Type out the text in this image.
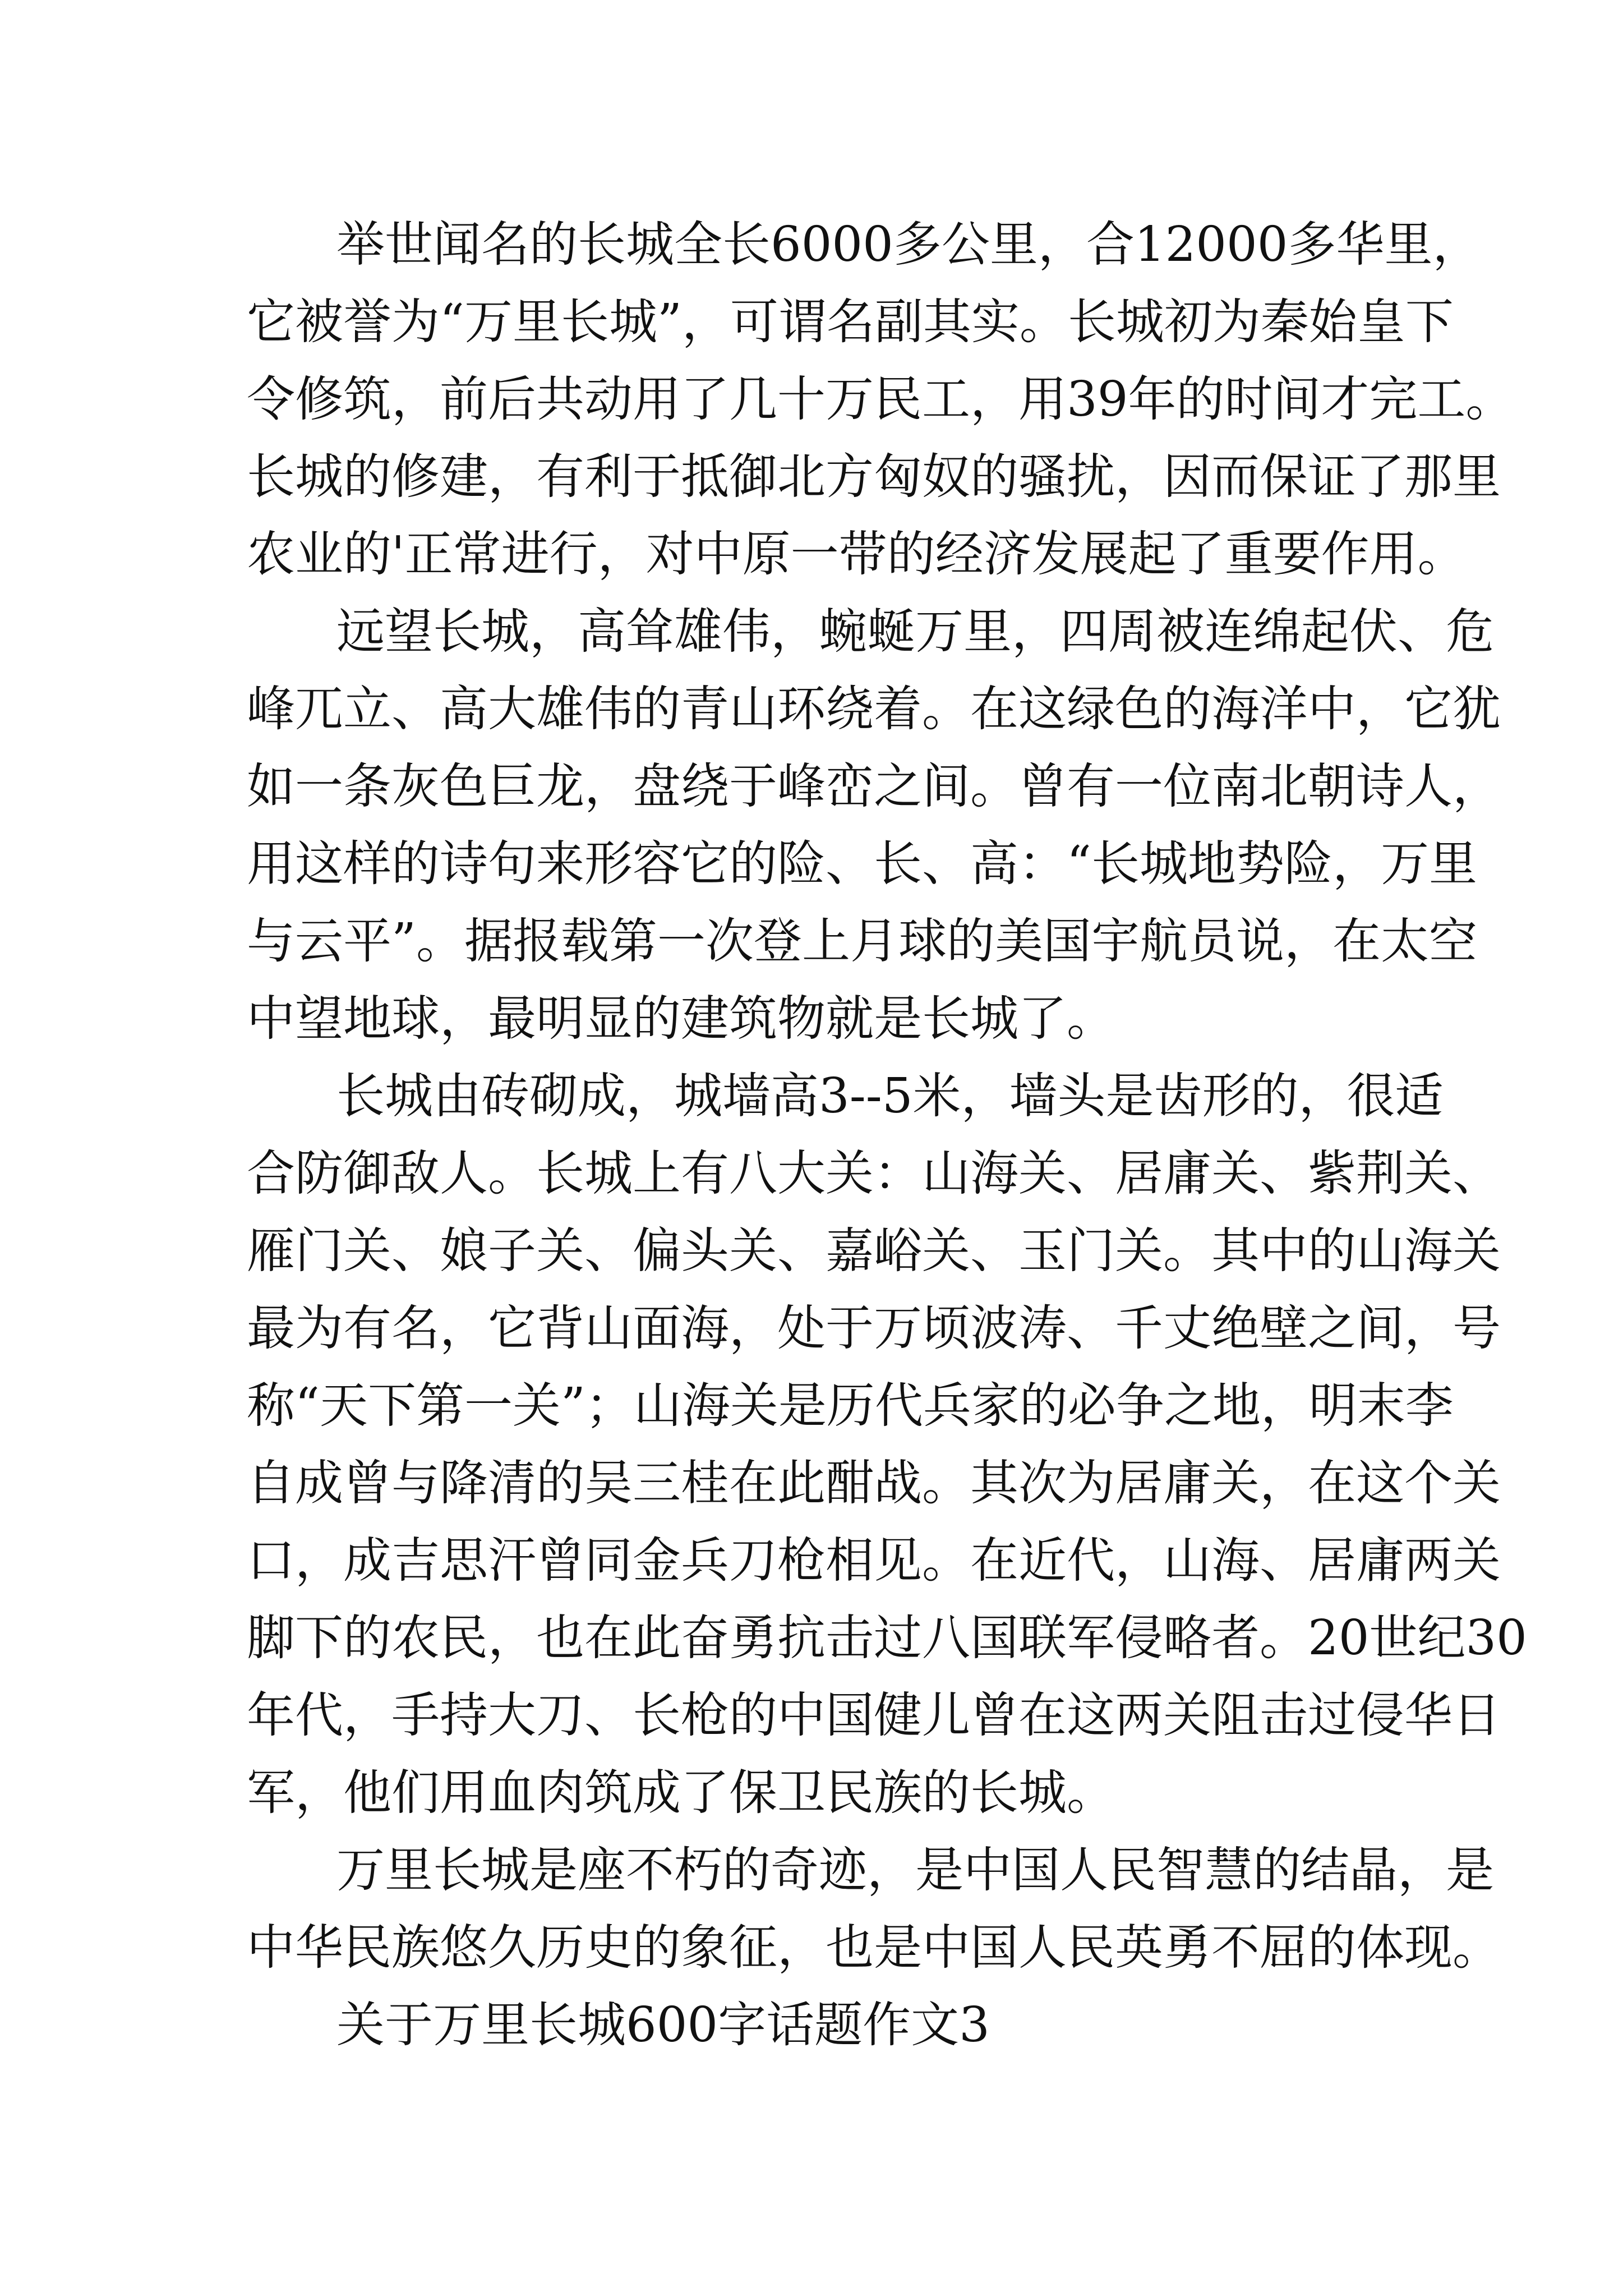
举世闻名的长城全长6000多公里，合12000多华里，

它被誉为“万里长城”，可谓名副其实。长城初为秦始皇下

令修筑，前后共动用了几十万民工，用39年的时间才完工。

长城的修建，有利于抵御北方匈奴的骚扰，因而保证了那里

农业的'正常进行，对中原一带的经济发展起了重要作用。

远望长城，高耸雄伟，蜿蜒万里，四周被连绵起伏、危

峰兀立、高大雄伟的青山环绕着。在这绿色的海洋中，它犹

如一条灰色巨龙，盘绕于峰峦之间。曾有一位南北朝诗人，

用这样的诗句来形容它的险、长、高：“长城地势险，万里

与云平”。据报载第一次登上月球的美国宇航员说，在太空

中望地球，最明显的建筑物就是长城了。

长城由砖砌成，城墙高3--5米，墙头是齿形的，很适

合防御敌人。长城上有八大关：山海关、居庸关、紫荆关、

雁门关、娘子关、偏头关、嘉峪关、玉门关。其中的山海关

最为有名，它背山面海，处于万顷波涛、千丈绝壁之间，号

称“天下第一关”；山海关是历代兵家的必争之地，明末李

自成曾与降清的吴三桂在此酣战。其次为居庸关，在这个关

口，成吉思汗曾同金兵刀枪相见。在近代，山海、居庸两关

脚下的农民，也在此奋勇抗击过八国联军侵略者。20世纪30

年代，手持大刀、长枪的中国健儿曾在这两关阻击过侵华日

军，他们用血肉筑成了保卫民族的长城。

万里长城是座不朽的奇迹，是中国人民智慧的结晶，是

中华民族悠久历史的象征，也是中国人民英勇不屈的体现。

关于万里长城600字话题作文3
